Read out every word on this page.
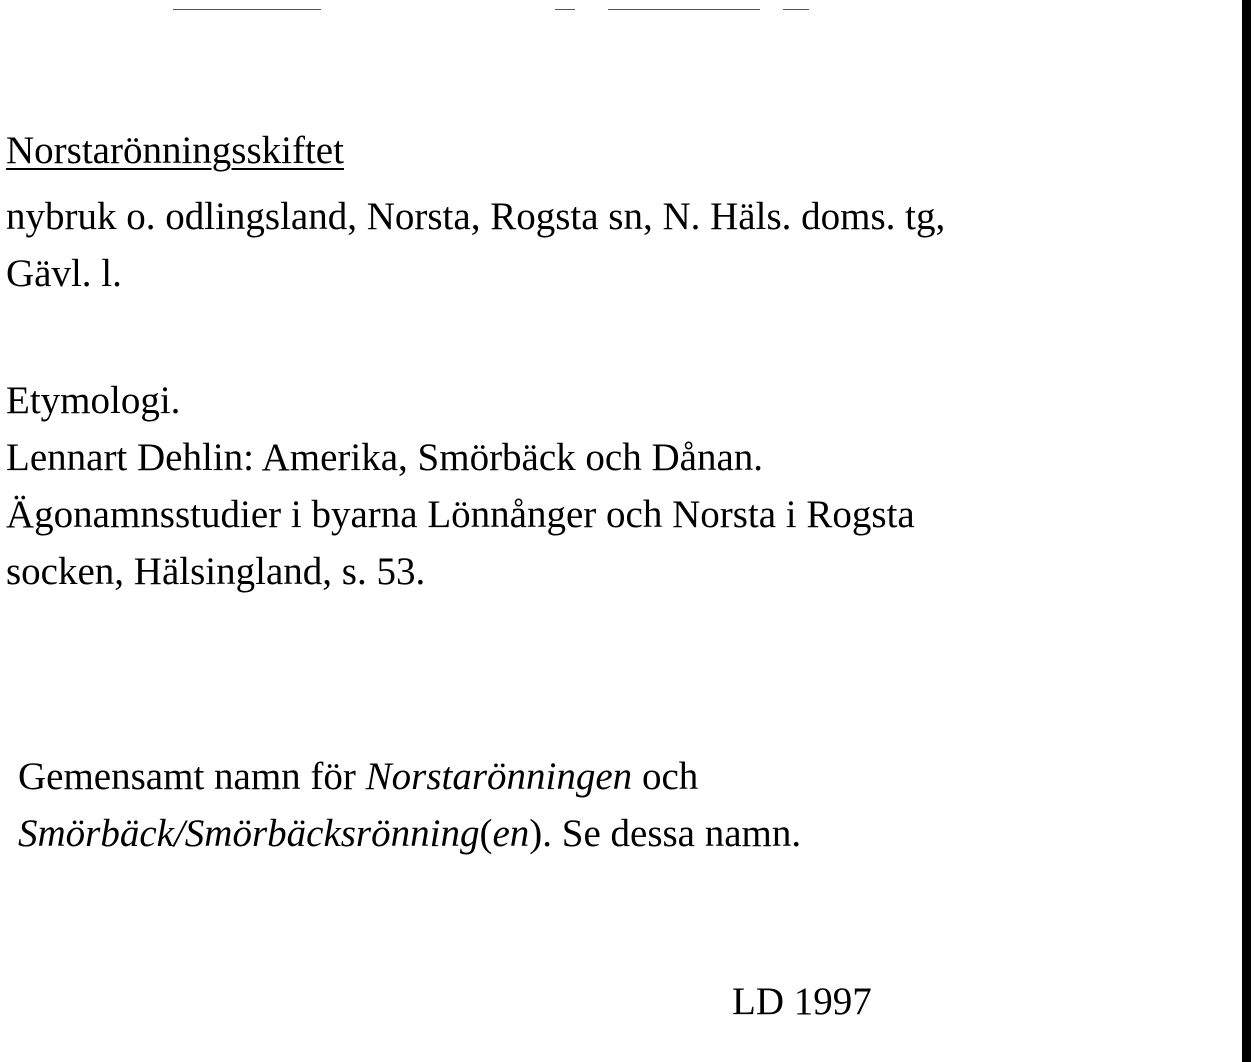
Norstarönningsskiftet
nybruk o. odlingsland, Norsta, Rogsta sn, N. Häls. doms. tg,
Gävl. l.
Etymologi.
Lennart Dehlin: Amerika, Smörbäck och Dånan.
Ägonamnsstudier i byarna Lönnånger och Norsta i Rogsta
socken, Hälsingland, s. 53.
Gemensamt namn för Norstarönningen och
Smörbäck/Smörbäcksrönning(en). Se dessa namn.
LD 1997
